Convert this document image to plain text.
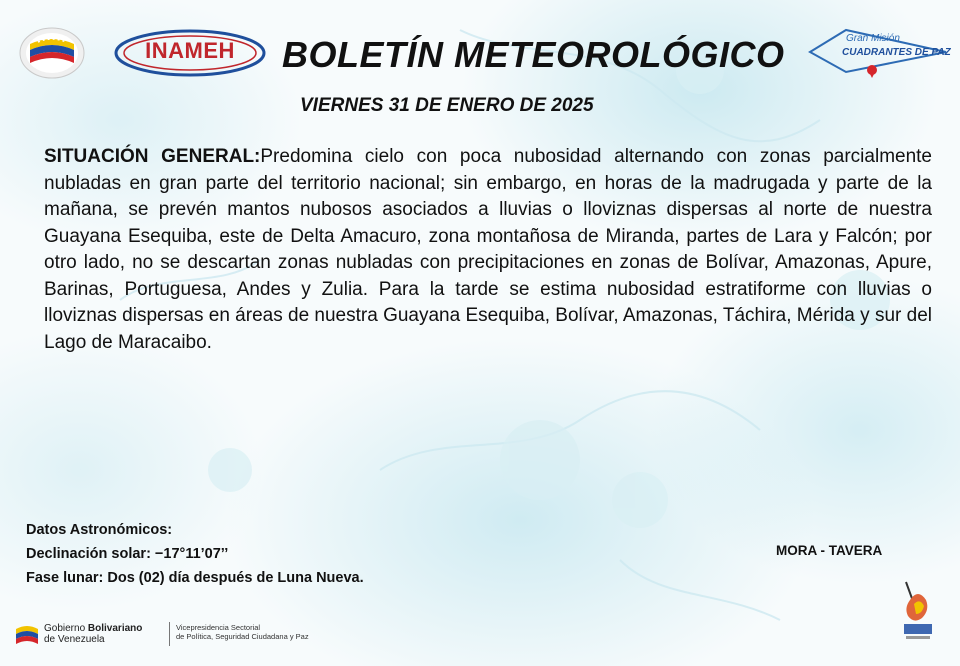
INAMEH	BOLETÍN METEOROLÓGICO	Gran Misión
CUADRANTES DE PAZ
VIERNES 31 DE ENERO DE 2025
SITUACIÓN GENERAL:Predomina cielo con poca nubosidad alternando con zonas parcialmente nubladas en gran parte del territorio nacional; sin embargo, en horas de la madrugada y parte de la mañana, se prevén mantos nubosos asociados a lluvias o lloviznas dispersas al norte de nuestra Guayana Esequiba, este de Delta Amacuro, zona montañosa de Miranda, partes de Lara y Falcón; por otro lado, no se descartan zonas nubladas con precipitaciones en zonas de Bolívar, Amazonas, Apure, Barinas, Portuguesa, Andes y Zulia. Para la tarde se estima nubosidad estratiforme con lluvias o lloviznas dispersas en áreas de nuestra Guayana Esequiba, Bolívar, Amazonas, Táchira, Mérida y sur del Lago de Maracaibo.
Datos Astronómicos:
Declinación solar: −17°11’07’’
Fase lunar: Dos (02) día después de Luna Nueva.
MORA - TAVERA
Gobierno Bolivariano
de Venezuela
Vicepresidencia Sectorial
de Política, Seguridad Ciudadana y Paz
